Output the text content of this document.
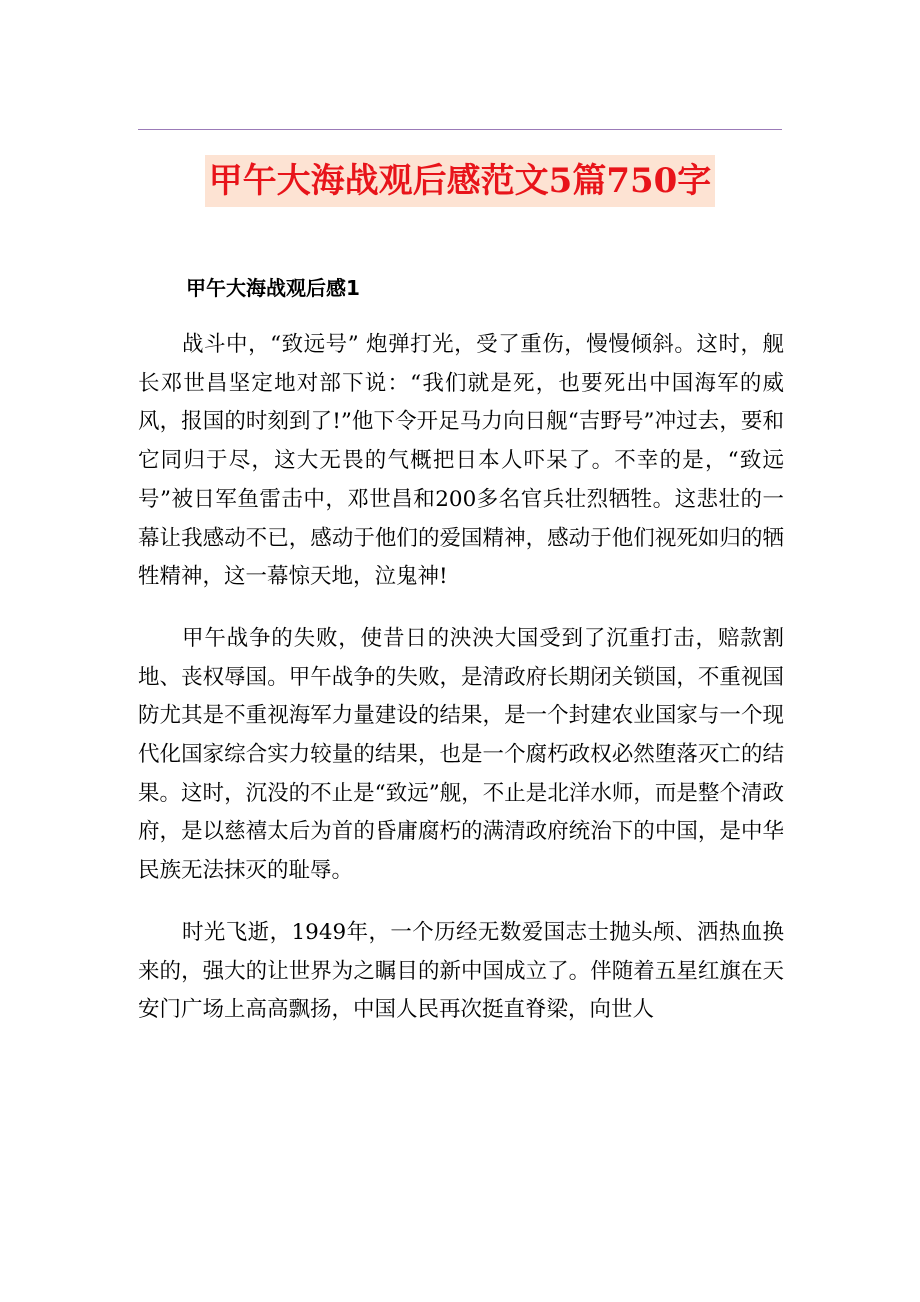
甲午大海战观后感范文5篇750字
甲午大海战观后感1

战斗中，“致远号” 炮弹打光，受了重伤，慢慢倾斜。这时，舰长邓世昌坚定地对部下说：“我们就是死，也要死出中国海军的威风，报国的时刻到了!”他下令开足马力向日舰“吉野号”冲过去，要和它同归于尽，这大无畏的气概把日本人吓呆了。不幸的是，“致远号”被日军鱼雷击中，邓世昌和200多名官兵壮烈牺牲。这悲壮的一幕让我感动不已，感动于他们的爱国精神，感动于他们视死如归的牺牲精神，这一幕惊天地，泣鬼神!

甲午战争的失败，使昔日的泱泱大国受到了沉重打击，赔款割地、丧权辱国。甲午战争的失败，是清政府长期闭关锁国，不重视国防尤其是不重视海军力量建设的结果，是一个封建农业国家与一个现代化国家综合实力较量的结果，也是一个腐朽政权必然堕落灭亡的结果。这时，沉没的不止是“致远”舰，不止是北洋水师，而是整个清政府，是以慈禧太后为首的昏庸腐朽的满清政府统治下的中国，是中华民族无法抹灭的耻辱。

时光飞逝，1949年，一个历经无数爱国志士抛头颅、洒热血换来的，强大的让世界为之瞩目的新中国成立了。伴随着五星红旗在天安门广场上高高飘扬，中国人民再次挺直脊梁，向世人
